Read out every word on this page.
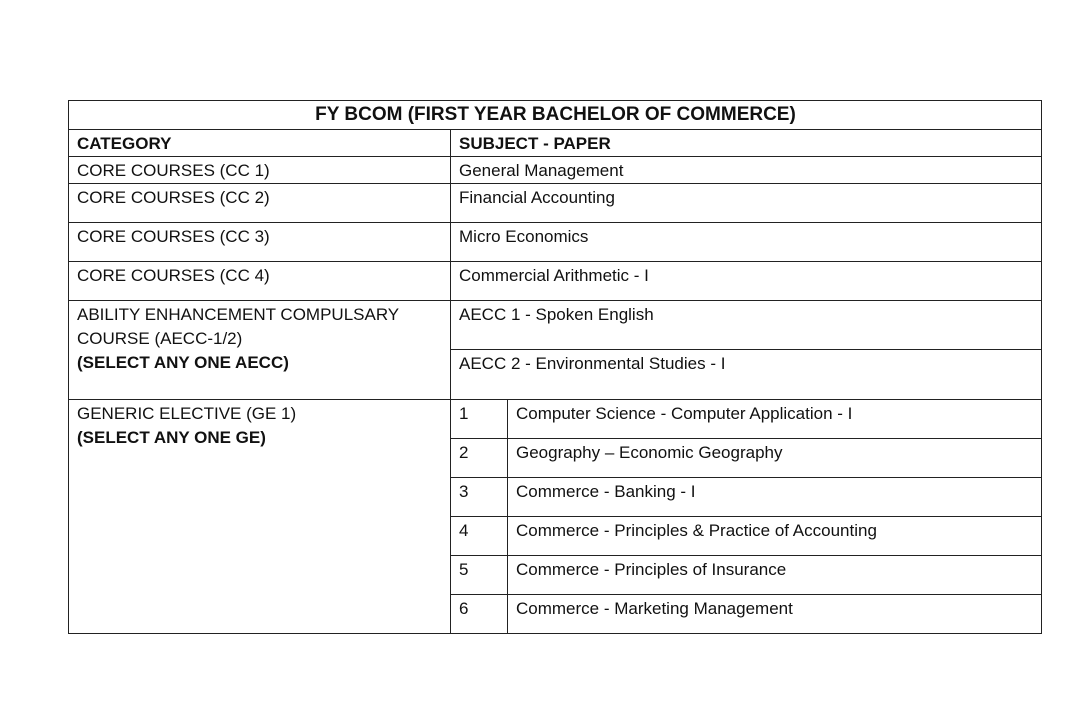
FY BCOM (FIRST YEAR BACHELOR OF COMMERCE)		
CATEGORY	SUBJECT - PAPER	
CORE COURSES (CC 1)	General Management	
CORE COURSES (CC 2)	Financial Accounting	
CORE COURSES (CC 3)	Micro Economics	
CORE COURSES (CC 4)	Commercial Arithmetic - I	

ABILITY ENHANCEMENT COMPULSARY
COURSE (AECC-1/2)
(SELECT ANY ONE AECC)	AECC 1 - Spoken English	
	AECC 2 - Environmental Studies - I	

GENERIC ELECTIVE (GE 1)
(SELECT ANY ONE GE)	1	Computer Science - Computer Application - I
	2	Geography – Economic Geography
	3	Commerce - Banking - I
	4	Commerce - Principles & Practice of Accounting
	5	Commerce - Principles of Insurance
	6	Commerce - Marketing Management
